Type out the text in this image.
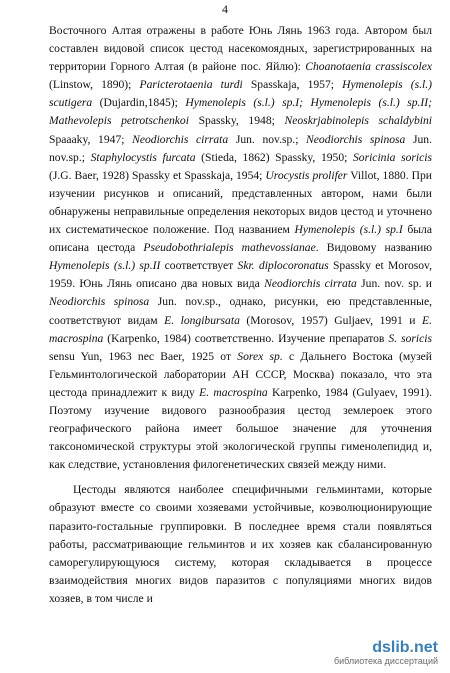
4

Восточного Алтая отражены в работе Юнь Лянь 1963 года. Автором был составлен видовой список цестод насекомоядных, зарегистрированных на территории Горного Алтая (в районе пос. Яйлю): Choanotaenia crassiscolex (Linstow, 1890); Paricterotaenia turdi Spasskaja, 1957; Hymenolepis (s.l.) scutigera (Dujardin,1845); Hymenolepis (s.l.) sp.I; Hymenolepis (s.l.) sp.II; Mathevolepis petrotschenkoi Spassky, 1948; Neoskrjabinolepis schaldybini Spaaaky, 1947; Neodiorchis cirrata Jun. nov.sp.; Neodiorchis spinosa Jun. nov.sp.; Staphylocystis furcata (Stieda, 1862) Spassky, 1950; Soricinia soricis (J.G. Baer, 1928) Spassky et Spasskaja, 1954; Urocystis prolifer Villot, 1880. При изучении рисунков и описаний, представленных автором, нами были обнаружены неправильные определения некоторых видов цестод и уточнено их систематическое положение. Под названием Hymenolepis (s.l.) sp.I была описана цестода Pseudobothrialepis mathevossianae. Видовому названию Hymenolepis (s.l.) sp.II соответствует Skr. diplocoronatus Spassky et Morosov, 1959. Юнь Лянь описано два новых вида Neodiorchis cirrata Jun. nov. sp. и Neodiorchis spinosa Jun. nov.sp., однако, рисунки, ею представленные, соответствуют видам E. longibursata (Morosov, 1957) Guljaev, 1991 и E. macrospina (Karpenko, 1984) соответственно. Изучение препаратов S. soricis sensu Yun, 1963 nec Baer, 1925 от Sorex sp. с Дальнего Востока (музей Гельминтологической лаборатории АН СССР, Москва) показало, что эта цестода принадлежит к виду E. macrospina Karpenko, 1984 (Gulyaev, 1991). Поэтому изучение видового разнообразия цестод землероек этого географического района имеет большое значение для уточнения таксономической структуры этой экологической группы гименолепидид и, как следствие, установления филогенетических связей между ними.

Цестоды являются наиболее специфичными гельминтами, которые образуют вместе со своими хозяевами устойчивые, коэволюционирующие паразито-гостальные группировки. В последнее время стали появляться работы, рассматривающие гельминтов и их хозяев как сбалансированную саморегулирующуюся систему, которая складывается в процессе взаимодействия многих видов паразитов с популяциями многих видов хозяев, в том числе и

dslib.net
библиотека диссертаций
